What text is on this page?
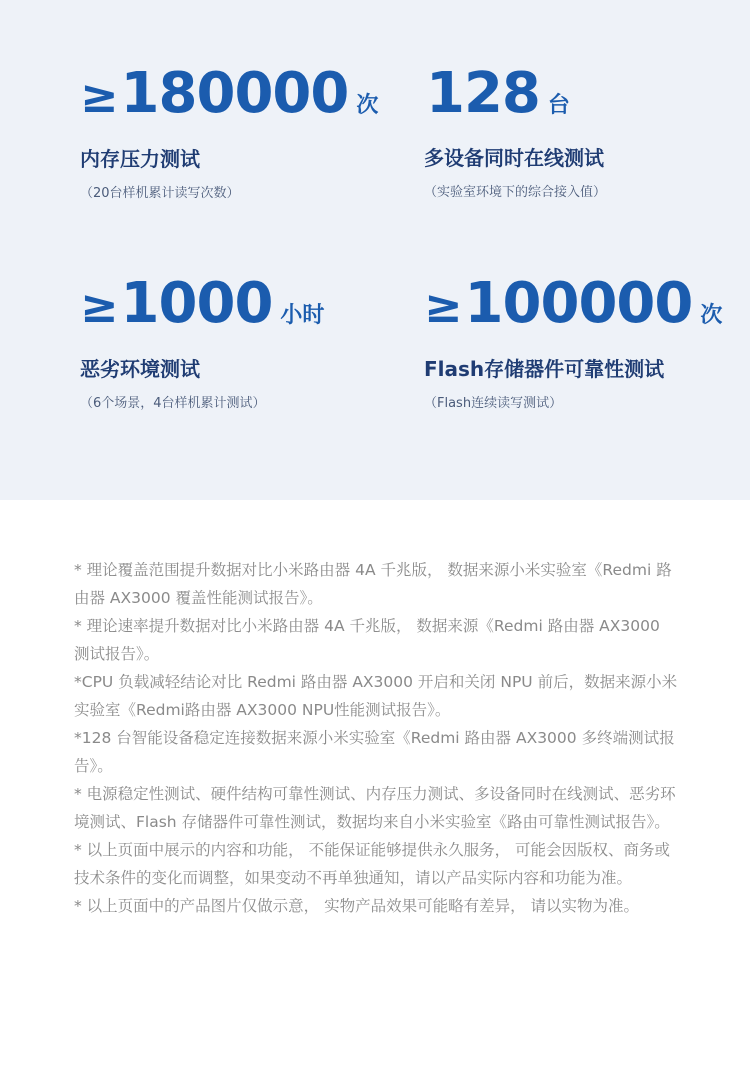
≥ 180000 次
内存压力测试
（20台样机累计读写次数）
128 台
多设备同时在线测试
（实验室环境下的综合接入值）
≥ 1000 小时
恶劣环境测试
（6个场景，4台样机累计测试）
≥ 100000 次
Flash存储器件可靠性测试
（Flash连续读写测试）

* 理论覆盖范围提升数据对比小米路由器 4A 千兆版， 数据来源小米实验室《Redmi 路由器 AX3000 覆盖性能测试报告》。

* 理论速率提升数据对比小米路由器 4A 千兆版， 数据来源《Redmi 路由器 AX3000 测试报告》。

*CPU 负载减轻结论对比 Redmi 路由器 AX3000 开启和关闭 NPU 前后，数据来源小米实验室《Redmi路由器 AX3000 NPU性能测试报告》。

*128 台智能设备稳定连接数据来源小米实验室《Redmi 路由器 AX3000 多终端测试报告》。

* 电源稳定性测试、硬件结构可靠性测试、内存压力测试、多设备同时在线测试、恶劣环境测试、Flash 存储器件可靠性测试，数据均来自小米实验室《路由可靠性测试报告》。

* 以上页面中展示的内容和功能， 不能保证能够提供永久服务， 可能会因版权、商务或技术条件的变化而调整，如果变动不再单独通知，请以产品实际内容和功能为准。

* 以上页面中的产品图片仅做示意， 实物产品效果可能略有差异， 请以实物为准。
